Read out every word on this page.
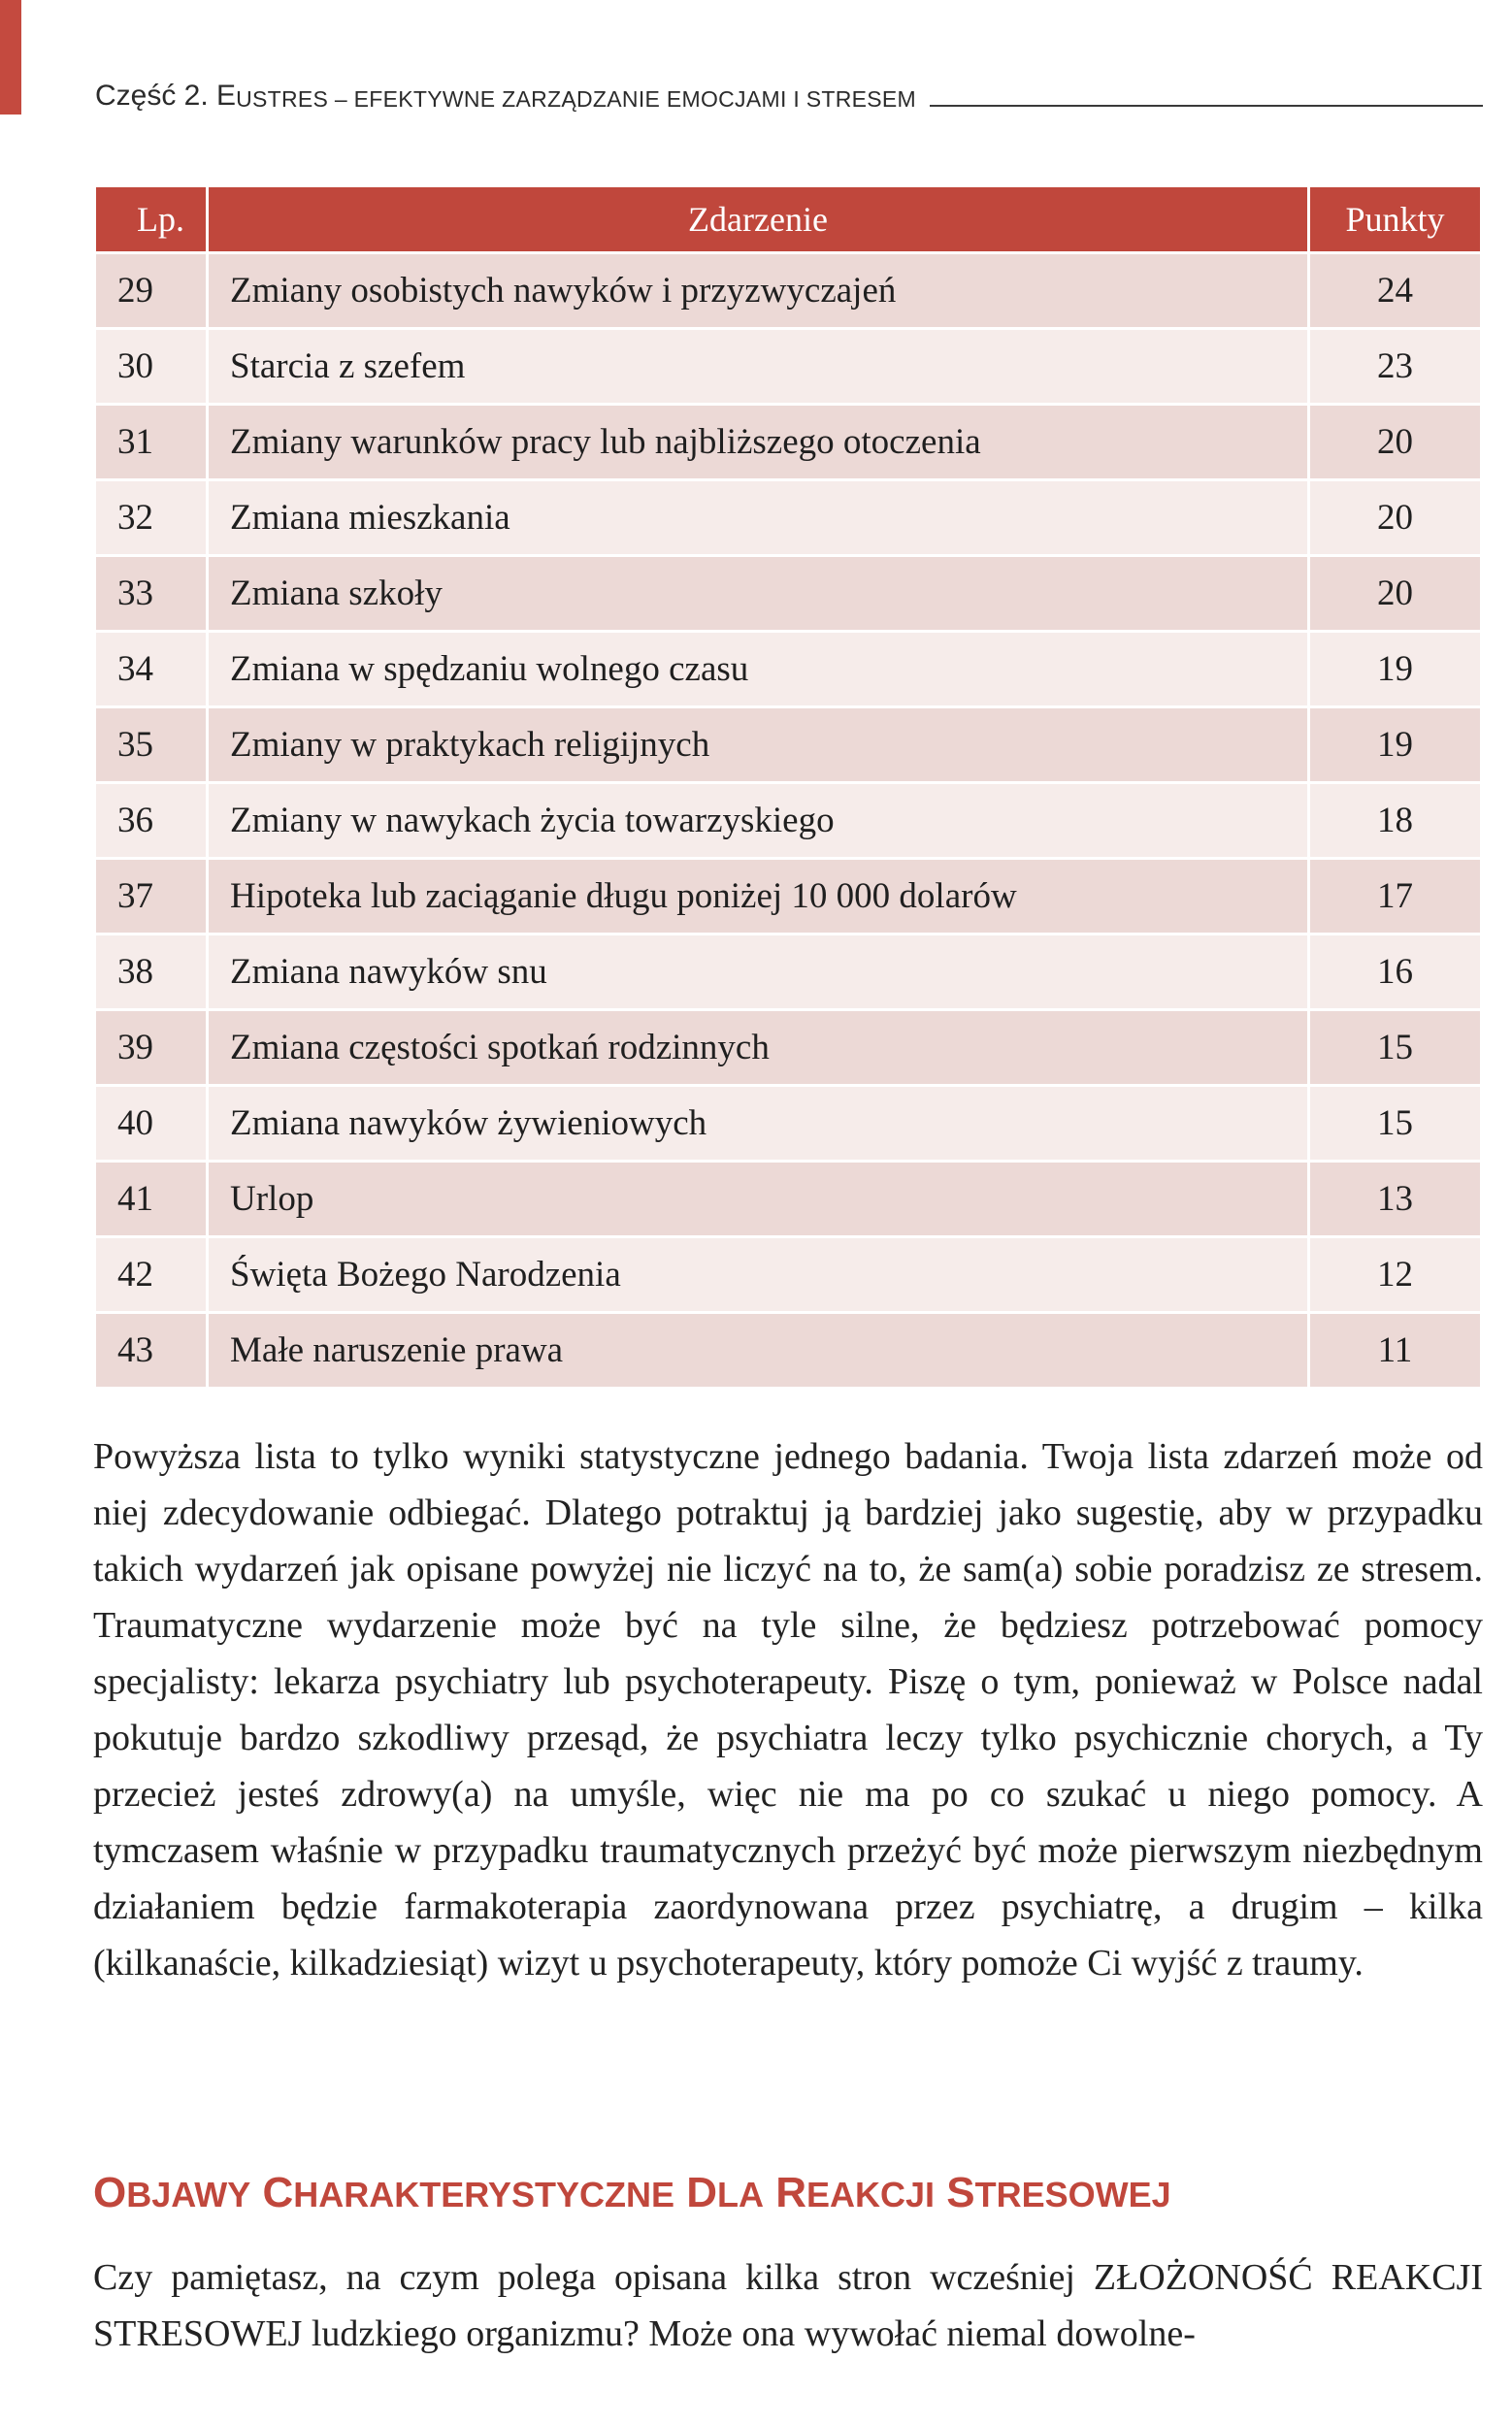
Część 2. E USTRES – EFEKTYWNE ZARZĄDZANIE EMOCJAMI I STRESEM
Lp.	Zdarzenie	Punkty
29	Zmiany osobistych nawyków i przyzwyczajeń	24
30	Starcia z szefem	23
31	Zmiany warunków pracy lub najbliższego otoczenia	20
32	Zmiana mieszkania	20
33	Zmiana szkoły	20
34	Zmiana w spędzaniu wolnego czasu	19
35	Zmiany w praktykach religijnych	19
36	Zmiany w nawykach życia towarzyskiego	18
37	Hipoteka lub zaciąganie długu poniżej 10 000 dolarów	17
38	Zmiana nawyków snu	16
39	Zmiana częstości spotkań rodzinnych	15
40	Zmiana nawyków żywieniowych	15
41	Urlop	13
42	Święta Bożego Narodzenia	12
43	Małe naruszenie prawa	11

Powyższa lista to tylko wyniki statystyczne jednego badania. Twoja lista zdarzeń może od niej zdecydowanie odbiegać. Dlatego potraktuj ją bardziej jako sugestię, aby w przypadku takich wydarzeń jak opisane powyżej nie liczyć na to, że sam(a) sobie poradzisz ze stresem. Traumatyczne wydarzenie może być na tyle silne, że będziesz potrzebować pomocy specjalisty: lekarza psychiatry lub psychoterapeuty. Piszę o tym, ponieważ w Polsce nadal pokutuje bardzo szkodliwy przesąd, że psychiatra leczy tylko psychicznie chorych, a Ty przecież jesteś zdrowy(a) na umyśle, więc nie ma po co szukać u niego pomocy. A tymczasem właśnie w przypadku traumatycznych przeżyć być może pierwszym niezbędnym działaniem będzie farmakoterapia zaordynowana przez psychiatrę, a drugim – kilka (kilkanaście, kilkadziesiąt) wizyt u psychoterapeuty, który pomoże Ci wyjść z traumy.

OBJAWY CHARAKTERYSTYCZNE DLA REAKCJI STRESOWEJ

Czy pamiętasz, na czym polega opisana kilka stron wcześniej ZŁOŻONOŚĆ REAKCJI STRESOWEJ ludzkiego organizmu? Może ona wywołać niemal dowolne-
